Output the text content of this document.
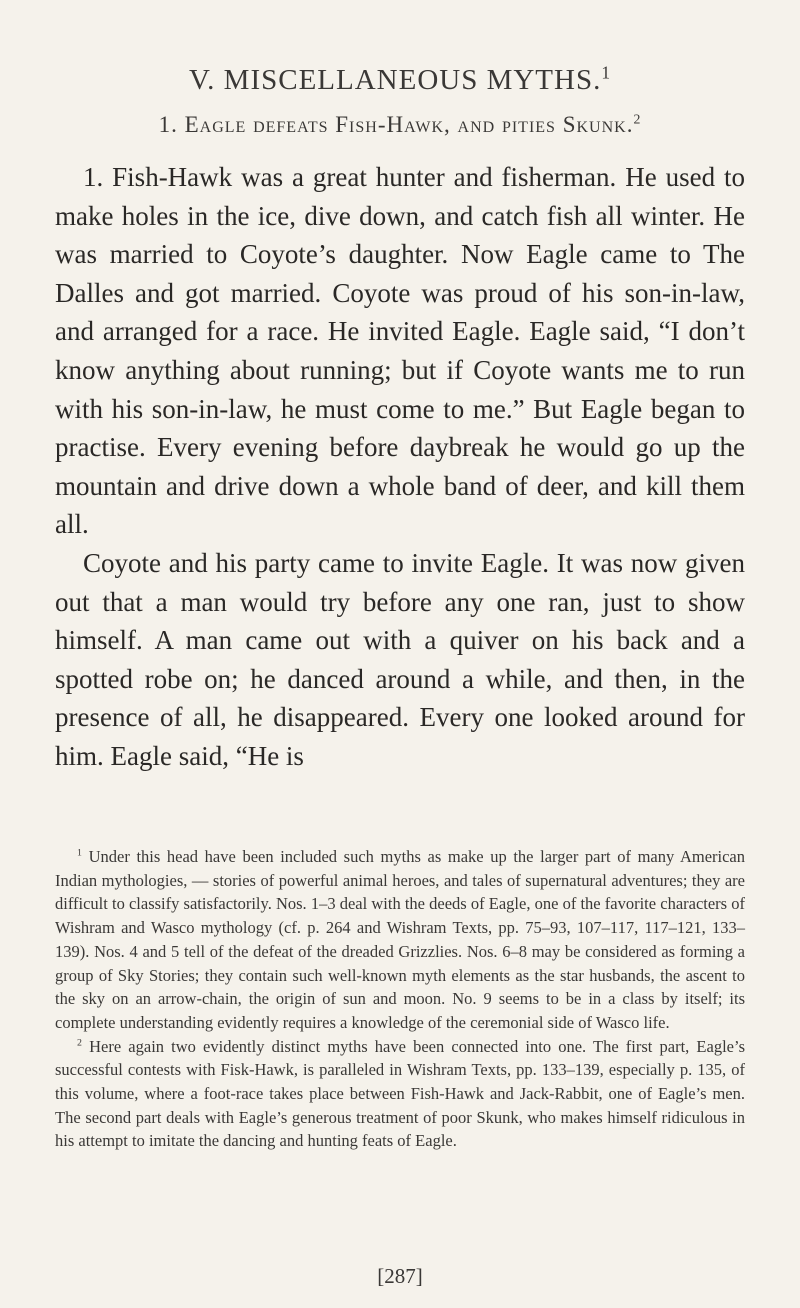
V. MISCELLANEOUS MYTHS.$^1$
1. Eagle defeats Fish-Hawk, and pities Skunk.$^2$

1. Fish-Hawk was a great hunter and fisherman. He used to make holes in the ice, dive down, and catch fish all winter. He was married to Coyote’s daughter. Now Eagle came to The Dalles and got married. Coyote was proud of his son-in-law, and arranged for a race. He invited Eagle. Eagle said, “I don’t know anything about running; but if Coyote wants me to run with his son-in-law, he must come to me.” But Eagle began to practise. Every evening before daybreak he would go up the mountain and drive down a whole band of deer, and kill them all.

Coyote and his party came to invite Eagle. It was now given out that a man would try before any one ran, just to show himself. A man came out with a quiver on his back and a spotted robe on; he danced around a while, and then, in the presence of all, he disappeared. Every one looked around for him. Eagle said, “He is

$^1$ Under this head have been included such myths as make up the larger part of many American Indian mythologies, — stories of powerful animal heroes, and tales of supernatural adventures; they are difficult to classify satisfactorily. Nos. 1–3 deal with the deeds of Eagle, one of the favorite characters of Wishram and Wasco mythology (cf. p. 264 and Wishram Texts, pp. 75–93, 107–117, 117–121, 133–139). Nos. 4 and 5 tell of the defeat of the dreaded Grizzlies. Nos. 6–8 may be considered as forming a group of Sky Stories; they contain such well-known myth elements as the star husbands, the ascent to the sky on an arrow-chain, the origin of sun and moon. No. 9 seems to be in a class by itself; its complete understanding evidently requires a knowledge of the ceremonial side of Wasco life.

$^2$ Here again two evidently distinct myths have been connected into one. The first part, Eagle’s successful contests with Fisk-Hawk, is paralleled in Wishram Texts, pp. 133–139, especially p. 135, of this volume, where a foot-race takes place between Fish-Hawk and Jack-Rabbit, one of Eagle’s men. The second part deals with Eagle’s generous treatment of poor Skunk, who makes himself ridiculous in his attempt to imitate the dancing and hunting feats of Eagle.

[287]
